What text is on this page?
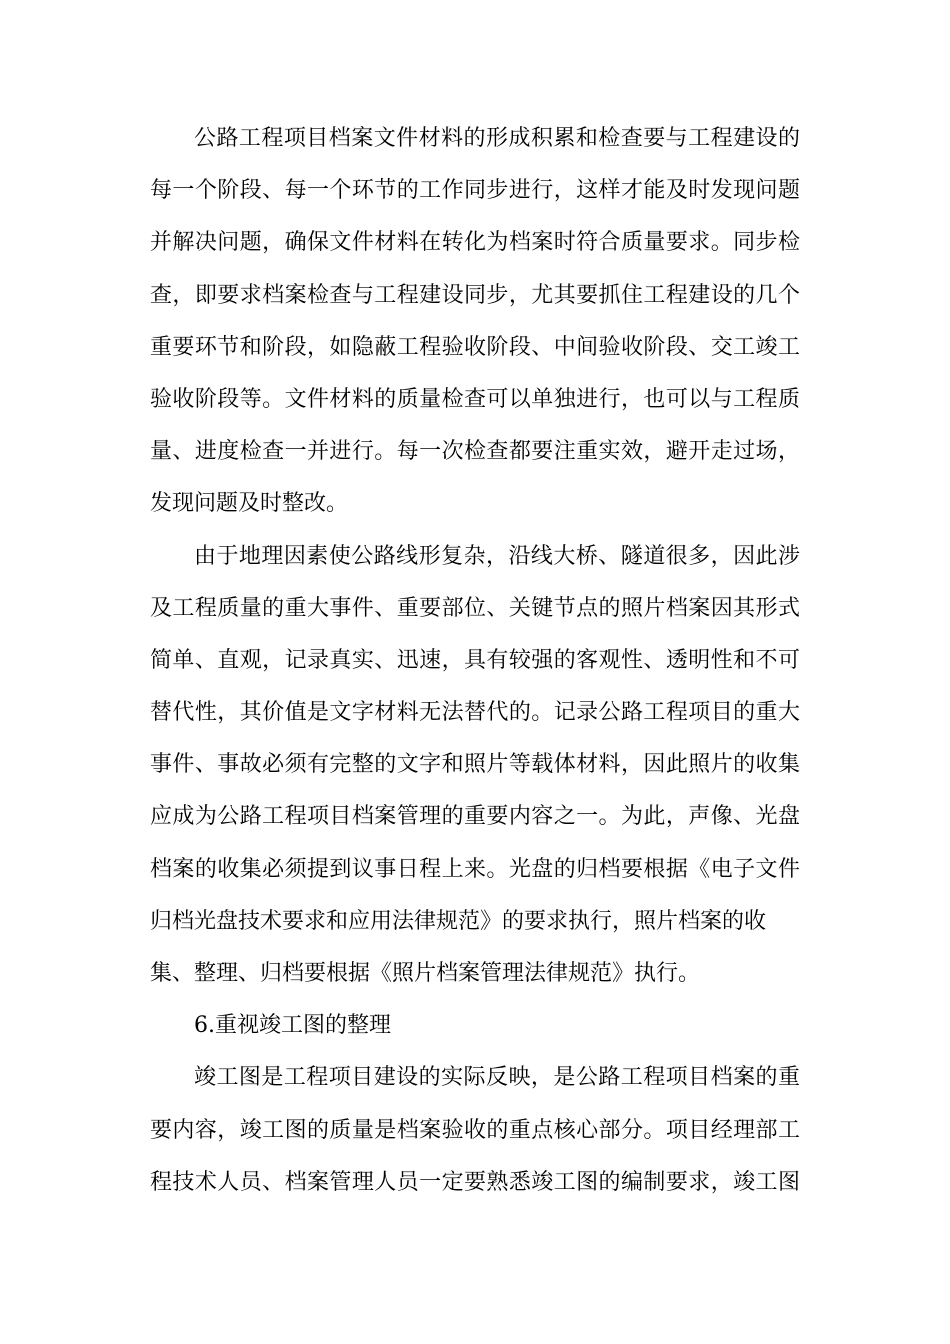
公路工程项目档案文件材料的形成积累和检查要与工程建设的
每一个阶段、每一个环节的工作同步进行，这样才能及时发现问题
并解决问题，确保文件材料在转化为档案时符合质量要求。同步检
查，即要求档案检查与工程建设同步，尤其要抓住工程建设的几个
重要环节和阶段，如隐蔽工程验收阶段、中间验收阶段、交工竣工
验收阶段等。文件材料的质量检查可以单独进行，也可以与工程质
量、进度检查一并进行。每一次检查都要注重实效，避开走过场，
发现问题及时整改。
由于地理因素使公路线形复杂，沿线大桥、隧道很多，因此涉
及工程质量的重大事件、重要部位、关键节点的照片档案因其形式
简单、直观，记录真实、迅速，具有较强的客观性、透明性和不可
替代性，其价值是文字材料无法替代的。记录公路工程项目的重大
事件、事故必须有完整的文字和照片等载体材料，因此照片的收集
应成为公路工程项目档案管理的重要内容之一。为此，声像、光盘
档案的收集必须提到议事日程上来。光盘的归档要根据《电子文件
归档光盘技术要求和应用法律规范》的要求执行，照片档案的收
集、整理、归档要根据《照片档案管理法律规范》执行。
6.重视竣工图的整理
竣工图是工程项目建设的实际反映，是公路工程项目档案的重
要内容，竣工图的质量是档案验收的重点核心部分。项目经理部工
程技术人员、档案管理人员一定要熟悉竣工图的编制要求，竣工图
